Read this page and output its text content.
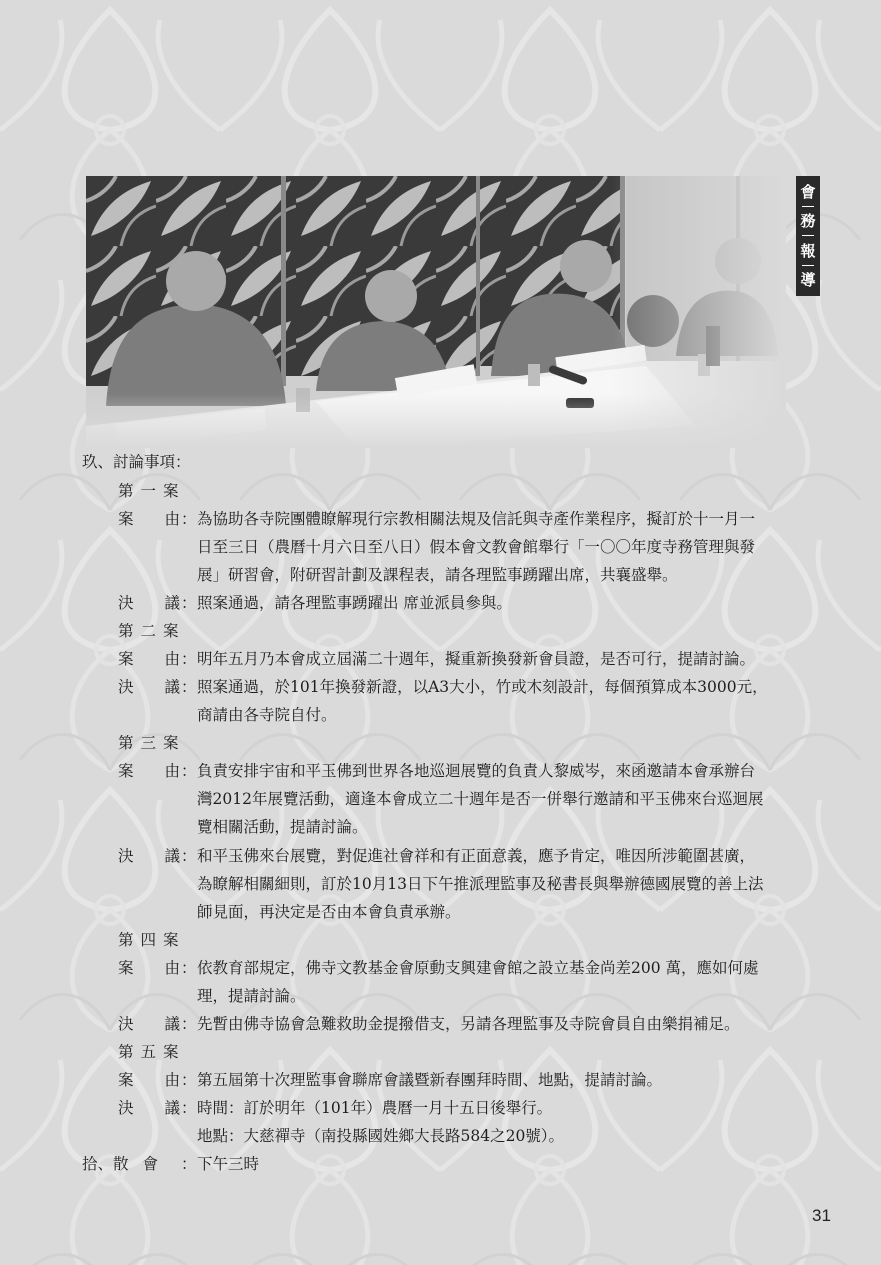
會
務
報
導
玖、討論事項：
第 一 案
案 由 ： 為協助各寺院團體瞭解現行宗教相關法規及信託與寺產作業程序，擬訂於十一月一
日至三日（農曆十月六日至八日）假本會文教會館舉行「一〇〇年度寺務管理與發
展」研習會，附研習計劃及課程表，請各理監事踴躍出席，共襄盛舉。
決 議 ： 照案通過，請各理監事踴躍出 席並派員參與。
第 二 案
案 由 ： 明年五月乃本會成立屆滿二十週年，擬重新換發新會員證，是否可行，提請討論。
決 議 ： 照案通過，於101年換發新證，以A3大小，竹或木刻設計，每個預算成本3000元，
商請由各寺院自付。
第 三 案
案 由 ： 負責安排宇宙和平玉佛到世界各地巡迴展覽的負責人黎威岑，來函邀請本會承辦台
灣2012年展覽活動，適逢本會成立二十週年是否一併舉行邀請和平玉佛來台巡迴展
覽相關活動，提請討論。
決 議 ： 和平玉佛來台展覽，對促進社會祥和有正面意義，應予肯定，唯因所涉範圍甚廣，
為瞭解相關細則，訂於10月13日下午推派理監事及秘書長與舉辦德國展覽的善上法
師見面，再決定是否由本會負責承辦。
第 四 案
案 由 ： 依教育部規定，佛寺文教基金會原動支興建會館之設立基金尚差200 萬，應如何處
理，提請討論。
決 議 ： 先暫由佛寺協會急難救助金提撥借支，另請各理監事及寺院會員自由樂捐補足。
第 五 案
案 由 ： 第五屆第十次理監事會聯席會議暨新春團拜時間、地點，提請討論。
決 議 ： 時間：訂於明年（101年）農曆一月十五日後舉行。
地點：大慈禪寺（南投縣國姓鄉大長路584之20號）。
拾、散 會 ： 下午三時
31
